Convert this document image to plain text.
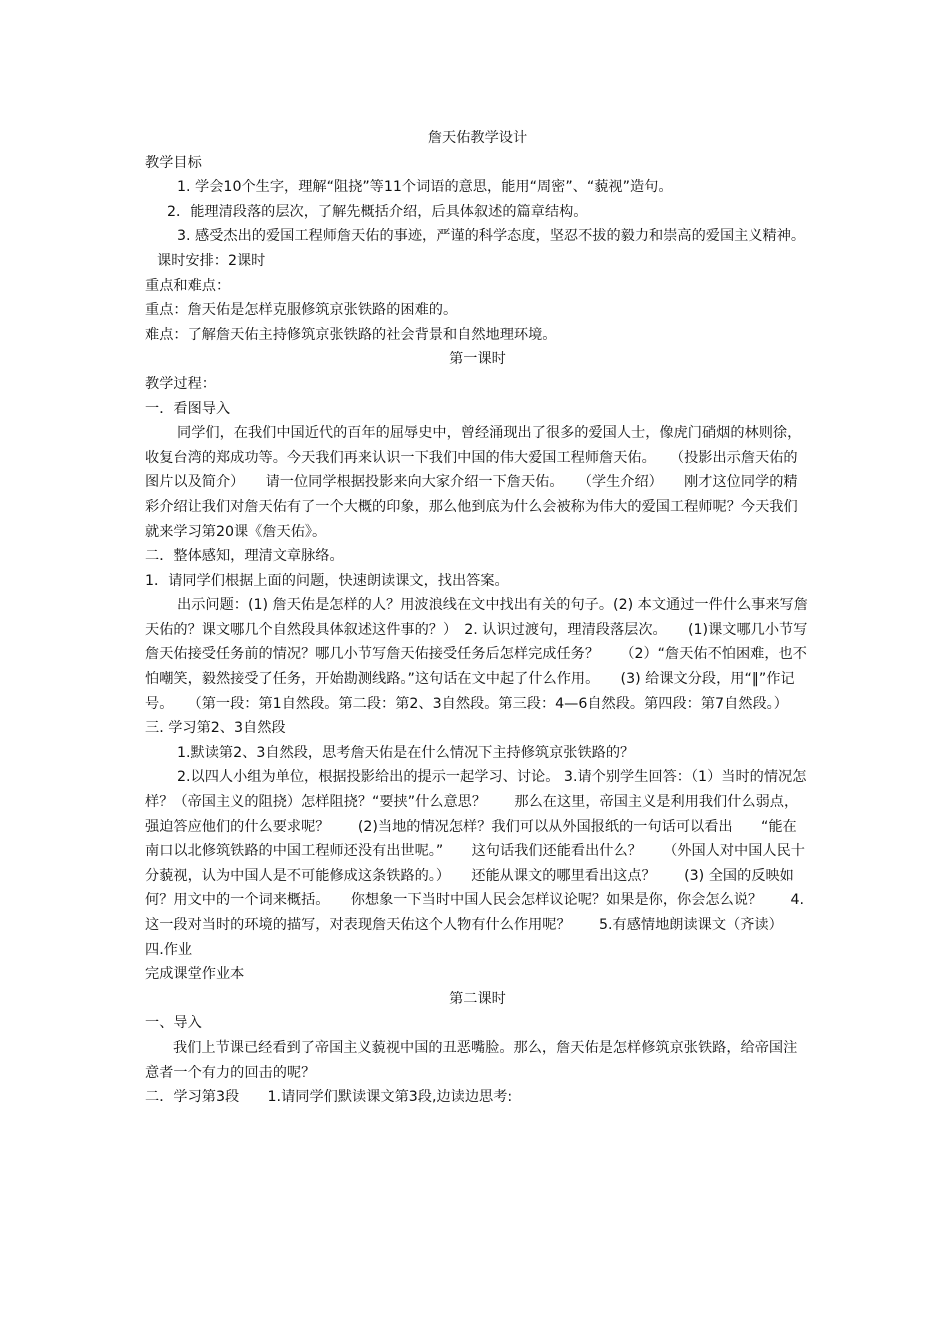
詹天佑教学设计

教学目标

1. 学会10个生字，理解“阻挠”等11个词语的意思，能用“周密”、“藐视”造句。

2．能理清段落的层次，了解先概括介绍，后具体叙述的篇章结构。

3. 感受杰出的爱国工程师詹天佑的事迹，严谨的科学态度，坚忍不拔的毅力和崇高的爱国主义精神。

课时安排：2课时

重点和难点：

重点：詹天佑是怎样克服修筑京张铁路的困难的。

难点：了解詹天佑主持修筑京张铁路的社会背景和自然地理环境。

第一课时

教学过程：

一．看图导入

同学们，在我们中国近代的百年的屈辱史中，曾经涌现出了很多的爱国人士，像虎门硝烟的林则徐，收复台湾的郑成功等。今天我们再来认识一下我们中国的伟大爱国工程师詹天佑。　　（投影出示詹天佑的图片以及简介）　　请一位同学根据投影来向大家介绍一下詹天佑。　　（学生介绍）　　刚才这位同学的精彩介绍让我们对詹天佑有了一个大概的印象，那么他到底为什么会被称为伟大的爱国工程师呢？今天我们就来学习第20课《詹天佑》。

二．整体感知，理清文章脉络。

1．请同学们根据上面的问题，快速朗读课文，找出答案。

出示问题：(1) 詹天佑是怎样的人？用波浪线在文中找出有关的句子。(2) 本文通过一件什么事来写詹天佑的？课文哪几个自然段具体叙述这件事的？）　2. 认识过渡句，理清段落层次。　　(1)课文哪几小节写詹天佑接受任务前的情况？哪几小节写詹天佑接受任务后怎样完成任务？　　（2）“詹天佑不怕困难，也不怕嘲笑，毅然接受了任务，开始勘测线路。”这句话在文中起了什么作用。　　(3) 给课文分段，用“‖”作记号。　　（第一段：第1自然段。第二段：第2、3自然段。第三段：4—6自然段。第四段：第7自然段。）　　三. 学习第2、3自然段

1.默读第2、3自然段，思考詹天佑是在什么情况下主持修筑京张铁路的？

2.以四人小组为单位，根据投影给出的提示一起学习、讨论。 3.请个别学生回答：（1）当时的情况怎样？（帝国主义的阻挠）怎样阻挠？“要挟”什么意思？　　那么在这里，帝国主义是利用我们什么弱点，强迫答应他们的什么要求呢？　　(2)当地的情况怎样？我们可以从外国报纸的一句话可以看出　　“能在南口以北修筑铁路的中国工程师还没有出世呢。”　　这句话我们还能看出什么？　　（外国人对中国人民十分藐视，认为中国人是不可能修成这条铁路的。）　　还能从课文的哪里看出这点？　　(3) 全国的反映如何？用文中的一个词来概括。　　你想象一下当时中国人民会怎样议论呢？如果是你，你会怎么说？　　4.这一段对当时的环境的描写，对表现詹天佑这个人物有什么作用呢？　　5.有感情地朗读课文（齐读）

四.作业

完成课堂作业本

第二课时

一、导入

我们上节课已经看到了帝国主义藐视中国的丑恶嘴脸。那么，詹天佑是怎样修筑京张铁路，给帝国注意者一个有力的回击的呢？

二．学习第3段　　1.请同学们默读课文第3段,边读边思考:
